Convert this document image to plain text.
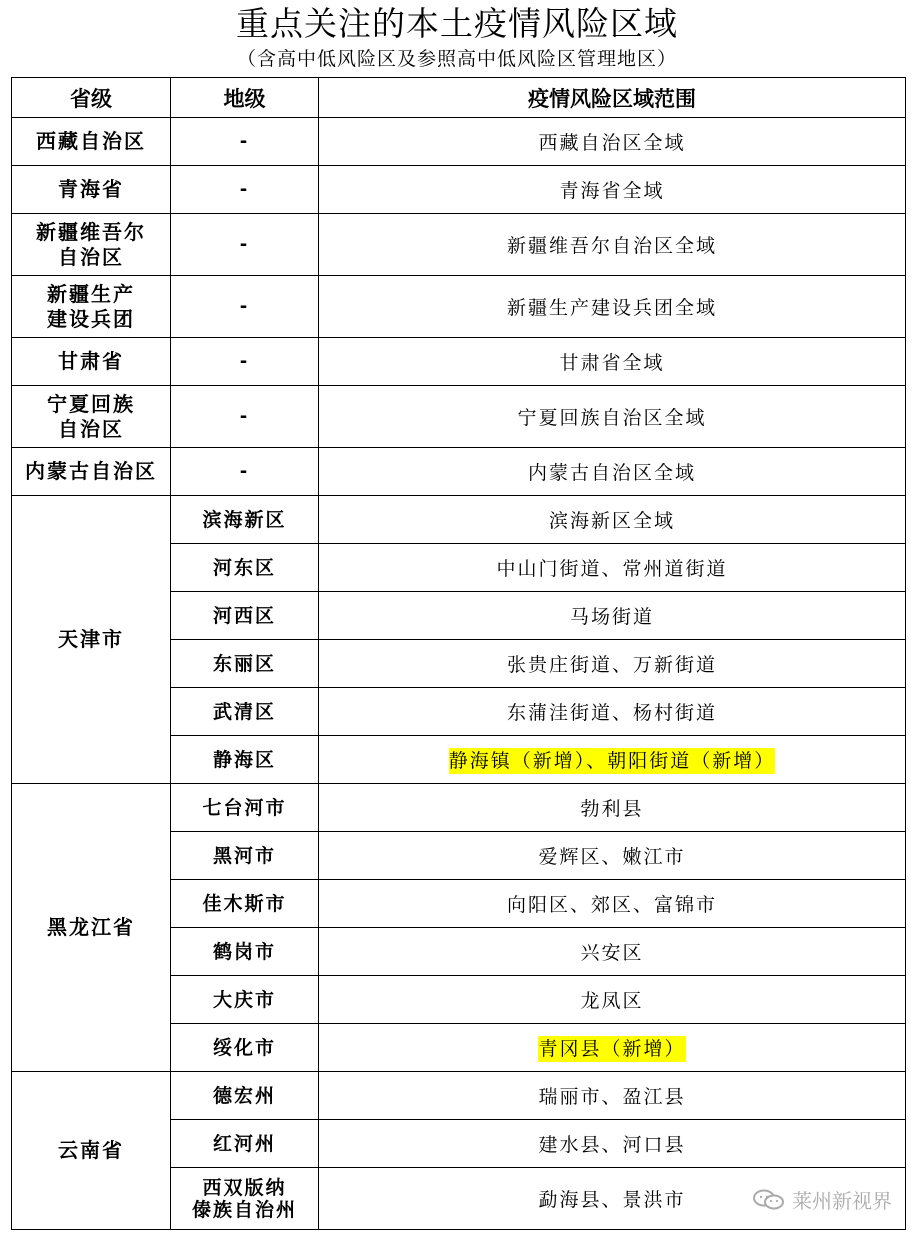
重点关注的本土疫情风险区域
（含高中低风险区及参照高中低风险区管理地区）
省级	地级	疫情风险区域范围
西藏自治区	-	西藏自治区全域
青海省	-	青海省全域
新疆维吾尔
自治区	-	新疆维吾尔自治区全域
新疆生产
建设兵团	-	新疆生产建设兵团全域
甘肃省	-	甘肃省全域
宁夏回族
自治区	-	宁夏回族自治区全域
内蒙古自治区	-	内蒙古自治区全域
天津市	滨海新区	滨海新区全域
	河东区	中山门街道、常州道街道
	河西区	马场街道
	东丽区	张贵庄街道、万新街道
	武清区	东蒲洼街道、杨村街道
	静海区	静海镇（新增）、朝阳街道（新增）
黑龙江省	七台河市	勃利县
	黑河市	爱辉区、嫩江市
	佳木斯市	向阳区、郊区、富锦市
	鹤岗市	兴安区
	大庆市	龙凤区
	绥化市	青冈县（新增）
云南省	德宏州	瑞丽市、盈江县
	红河州	建水县、河口县
	西双版纳
傣族自治州	勐海县、景洪市	莱州新视界
